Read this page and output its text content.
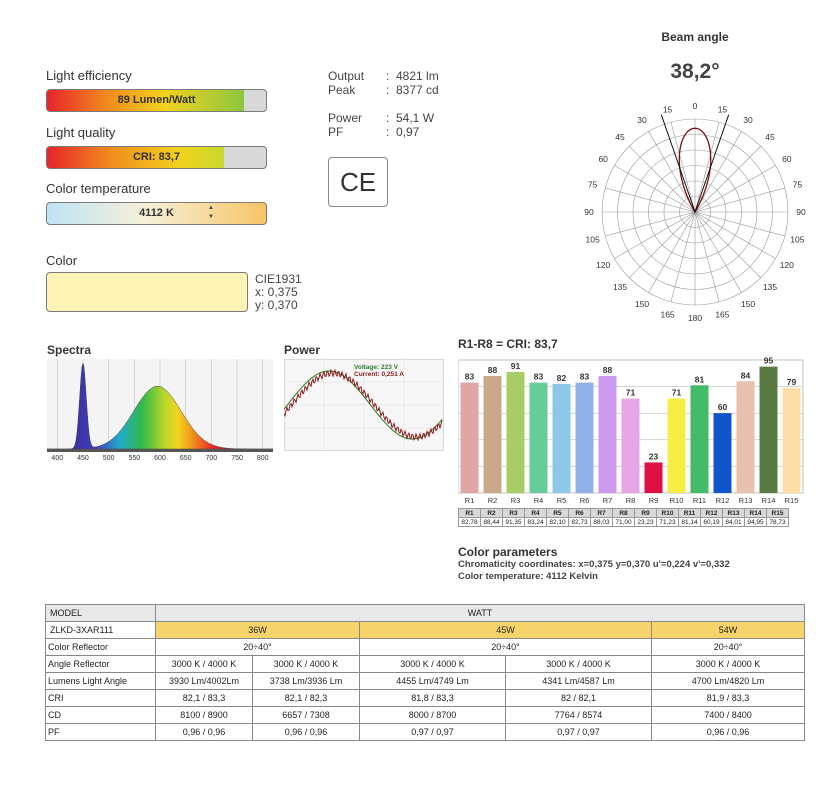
Light efficiency
89 Lumen/Watt
Light quality
CRI: 83,7
Color temperature
4112 K	▲
▼
Color
CIE1931
x: 0,375
y: 0,370
Output : 4821 lm
Peak	: 8377 cd
Power : 54,1 W
PF	: 0,97
CE
Beam angle
38,2°
0 15
15
30
30
45
45
60
60
75
75
90
90
105
105
120
120
135
135
150
150
165
165 180
Spectra
400 450 500 550 600 650 700 750 800
Power
Voltage: 223 V
Current: 0,251 A
R1-R8 = CRI: 83,7
83
R1
88
R2
91
R3
83
R4
82
R5
83
R6
88
R7
71
R8
23
R9
71
R10
81
R11
60
R12
84
R13
95
R14
79
R15
R1	R2	R3	R4	R5	R6	R7	R8	R9	R10	R11	R12	R13	R14	R15
82,78	88,44	91,35	83,24	82,10	82,73	88,03	71,00	23,23	71,23	81,14	60,19	84,01	94,95	78,73
Color parameters
Chromaticity coordinates: x=0,375 y=0,370 u'=0,224 v'=0,332
Color temperature: 4112 Kelvin
MODEL	WATT				
ZLKD-3XAR111	36W		45W		54W
Color Reflector	20÷40°		20÷40°		20÷40°
Angle Reflector	3000 K / 4000 K	3000 K / 4000 K	3000 K / 4000 K	3000 K / 4000 K	3000 K / 4000 K
Lumens Light Angle	3930 Lm/4002Lm	3738 Lm/3936 Lm	4455 Lm/4749 Lm	4341 Lm/4587 Lm	4700 Lm/4820 Lm
CRI	82,1 / 83,3	82,1 / 82,3	81,8 / 83,3	82 / 82,1	81,9 / 83,3
CD	8100 / 8900	6657 / 7308	8000 / 8700	7764 / 8574	7400 / 8400
PF	0,96 / 0,96	0,96 / 0,96	0,97 / 0,97	0,97 / 0,97	0,96 / 0,96
